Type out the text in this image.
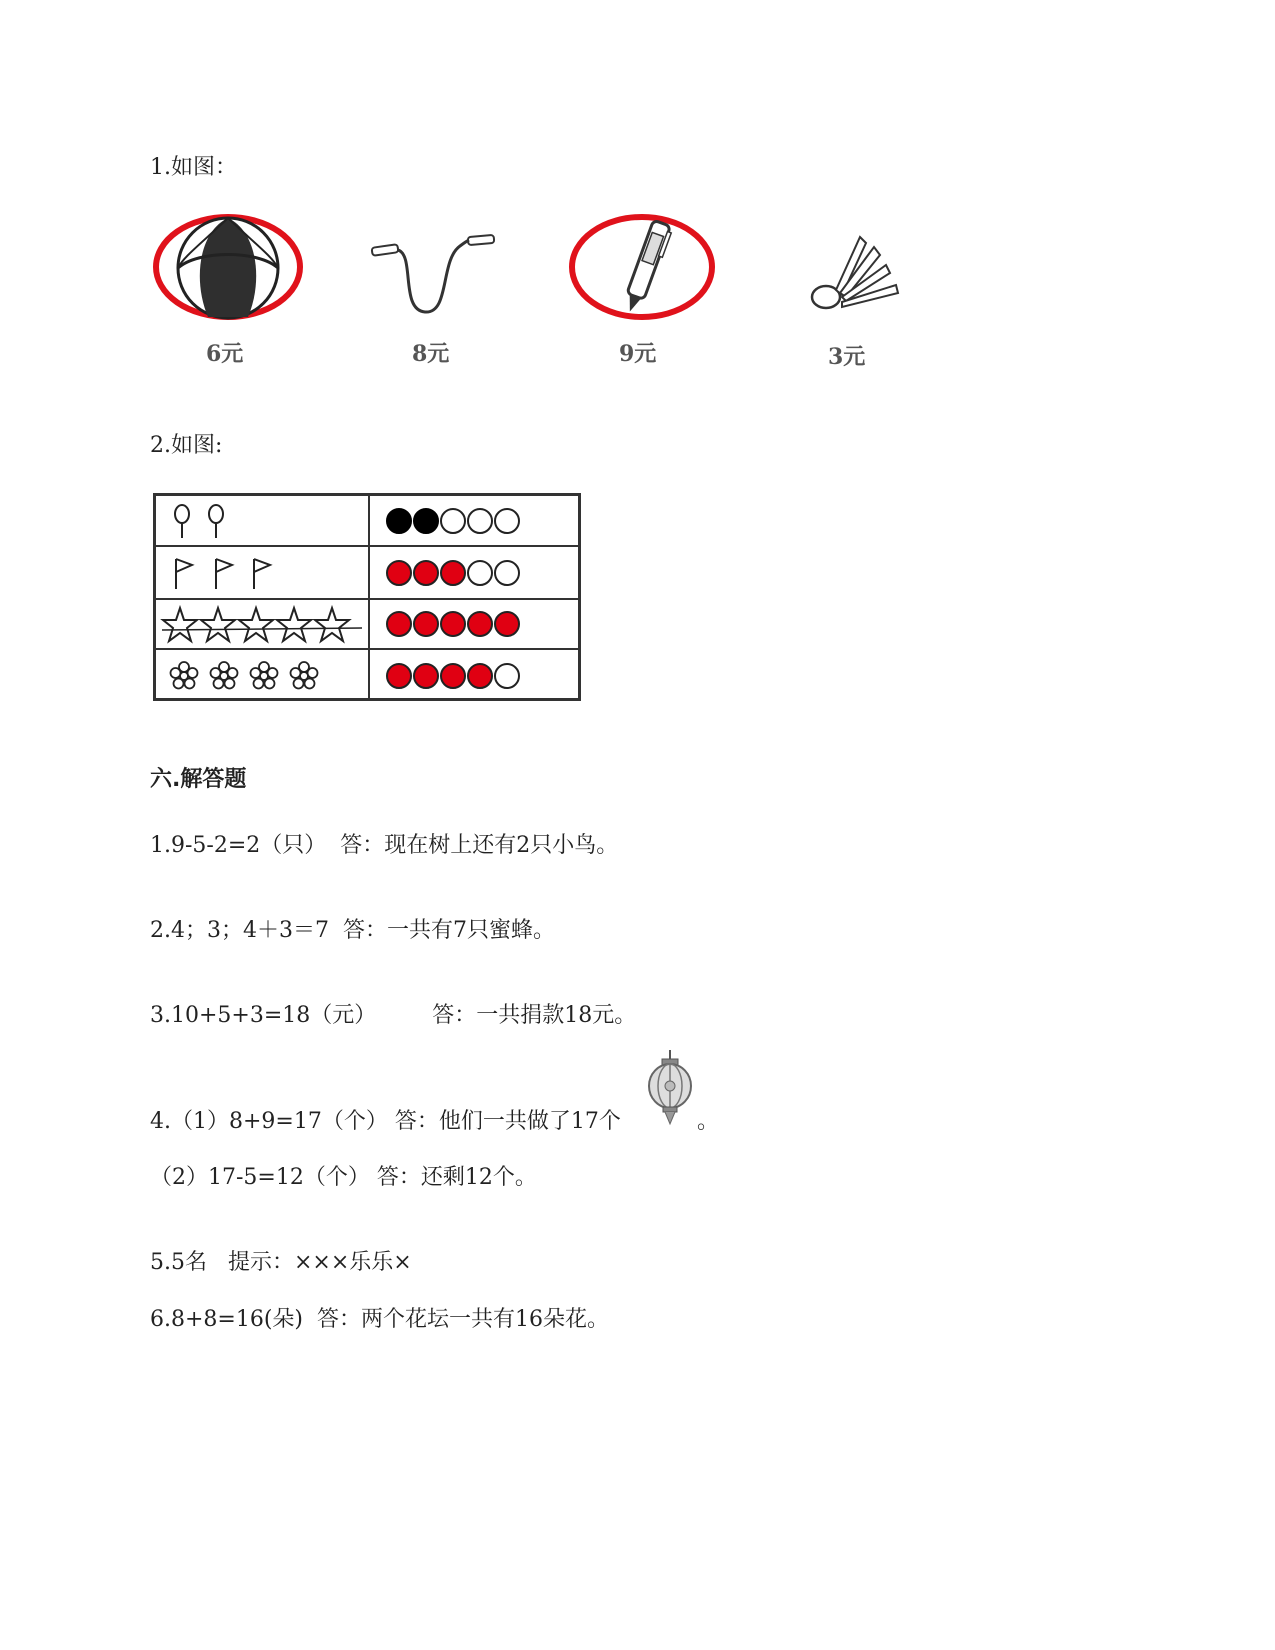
1.如图：
6元	8元	9元	3元
2.如图:
六.解答题
1.9-5-2=2（只）  答：现在树上还有2只小鸟。
2.4；3；4＋3＝7  答：一共有7只蜜蜂。
3.10+5+3=18（元）        答：一共捐款18元。
4.（1）8+9=17（个） 答：他们一共做了17个	。
（2）17-5=12（个） 答：还剩12个。
5.5名   提示：×××乐乐×
6.8+8=16(朵)  答：两个花坛一共有16朵花。
